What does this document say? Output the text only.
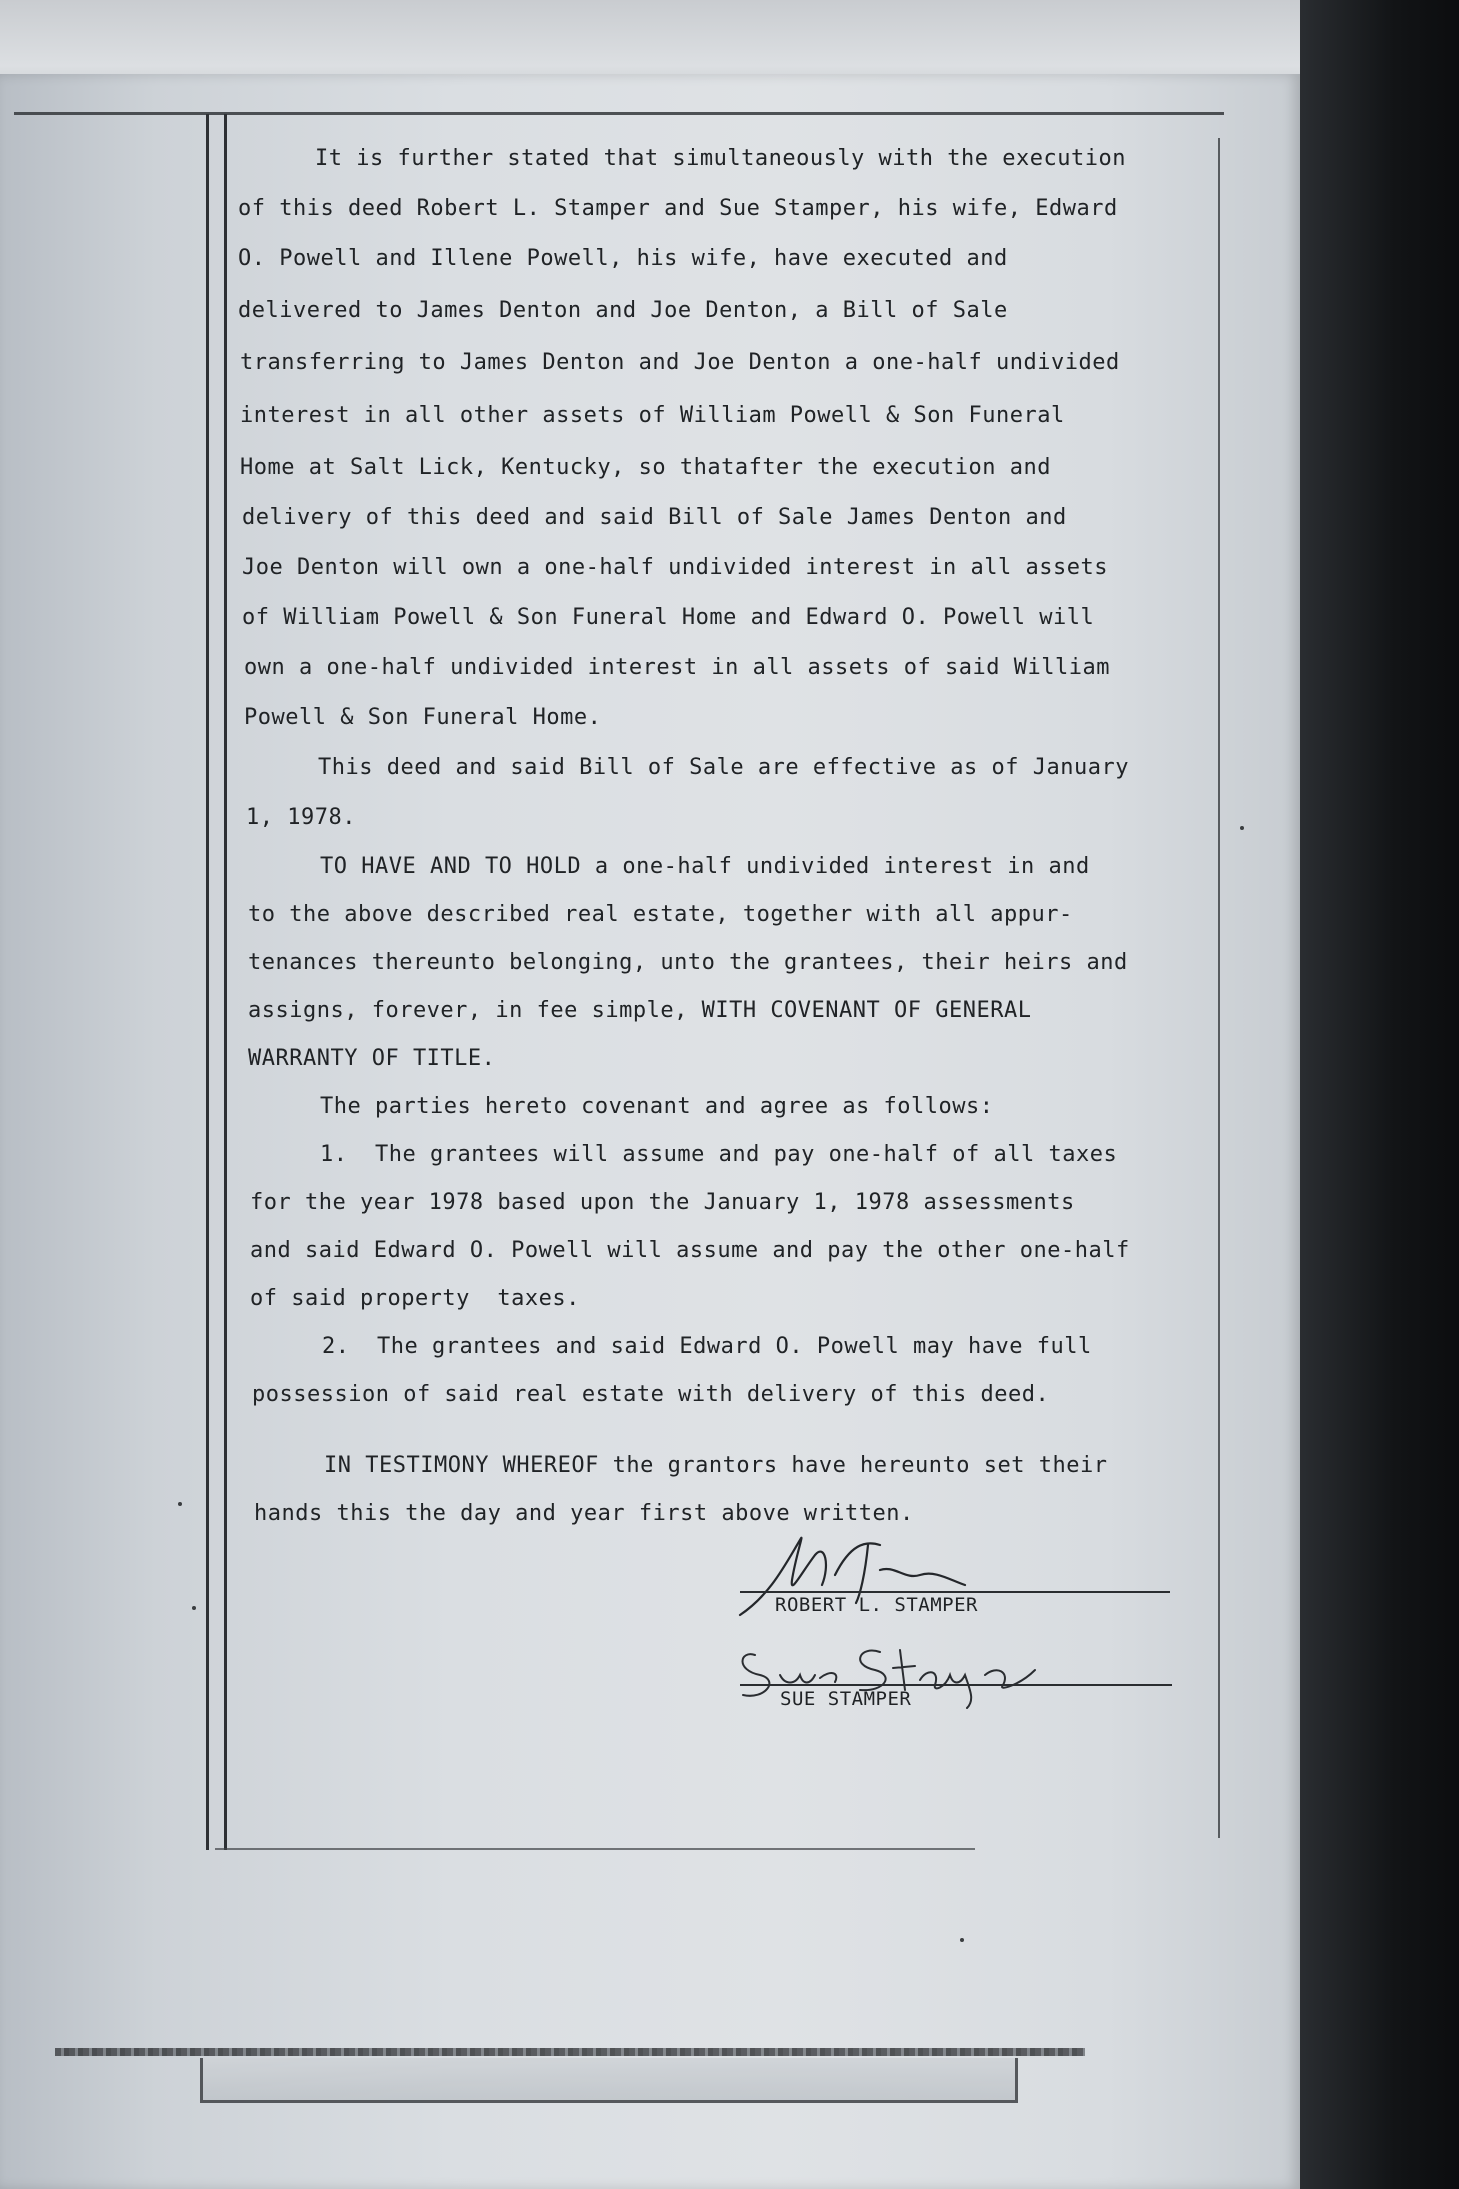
It is further stated that simultaneously with the execution
of this deed Robert L. Stamper and Sue Stamper, his wife, Edward
O. Powell and Illene Powell, his wife, have executed and
delivered to James Denton and Joe Denton, a Bill of Sale
transferring to James Denton and Joe Denton a one-half undivided
interest in all other assets of William Powell & Son Funeral
Home at Salt Lick, Kentucky, so thatafter the execution and
delivery of this deed and said Bill of Sale James Denton and
Joe Denton will own a one-half undivided interest in all assets
of William Powell & Son Funeral Home and Edward O. Powell will
own a one-half undivided interest in all assets of said William
Powell & Son Funeral Home.
This deed and said Bill of Sale are effective as of January
1, 1978.
TO HAVE AND TO HOLD a one-half undivided interest in and
to the above described real estate, together with all appur-
tenances thereunto belonging, unto the grantees, their heirs and
assigns, forever, in fee simple, WITH COVENANT OF GENERAL
WARRANTY OF TITLE.
The parties hereto covenant and agree as follows:
1.  The grantees will assume and pay one-half of all taxes
for the year 1978 based upon the January 1, 1978 assessments
and said Edward O. Powell will assume and pay the other one-half
of said property  taxes.
2.  The grantees and said Edward O. Powell may have full
possession of said real estate with delivery of this deed.
IN TESTIMONY WHEREOF the grantors have hereunto set their
hands this the day and year first above written.
ROBERT L. STAMPER
SUE STAMPER
